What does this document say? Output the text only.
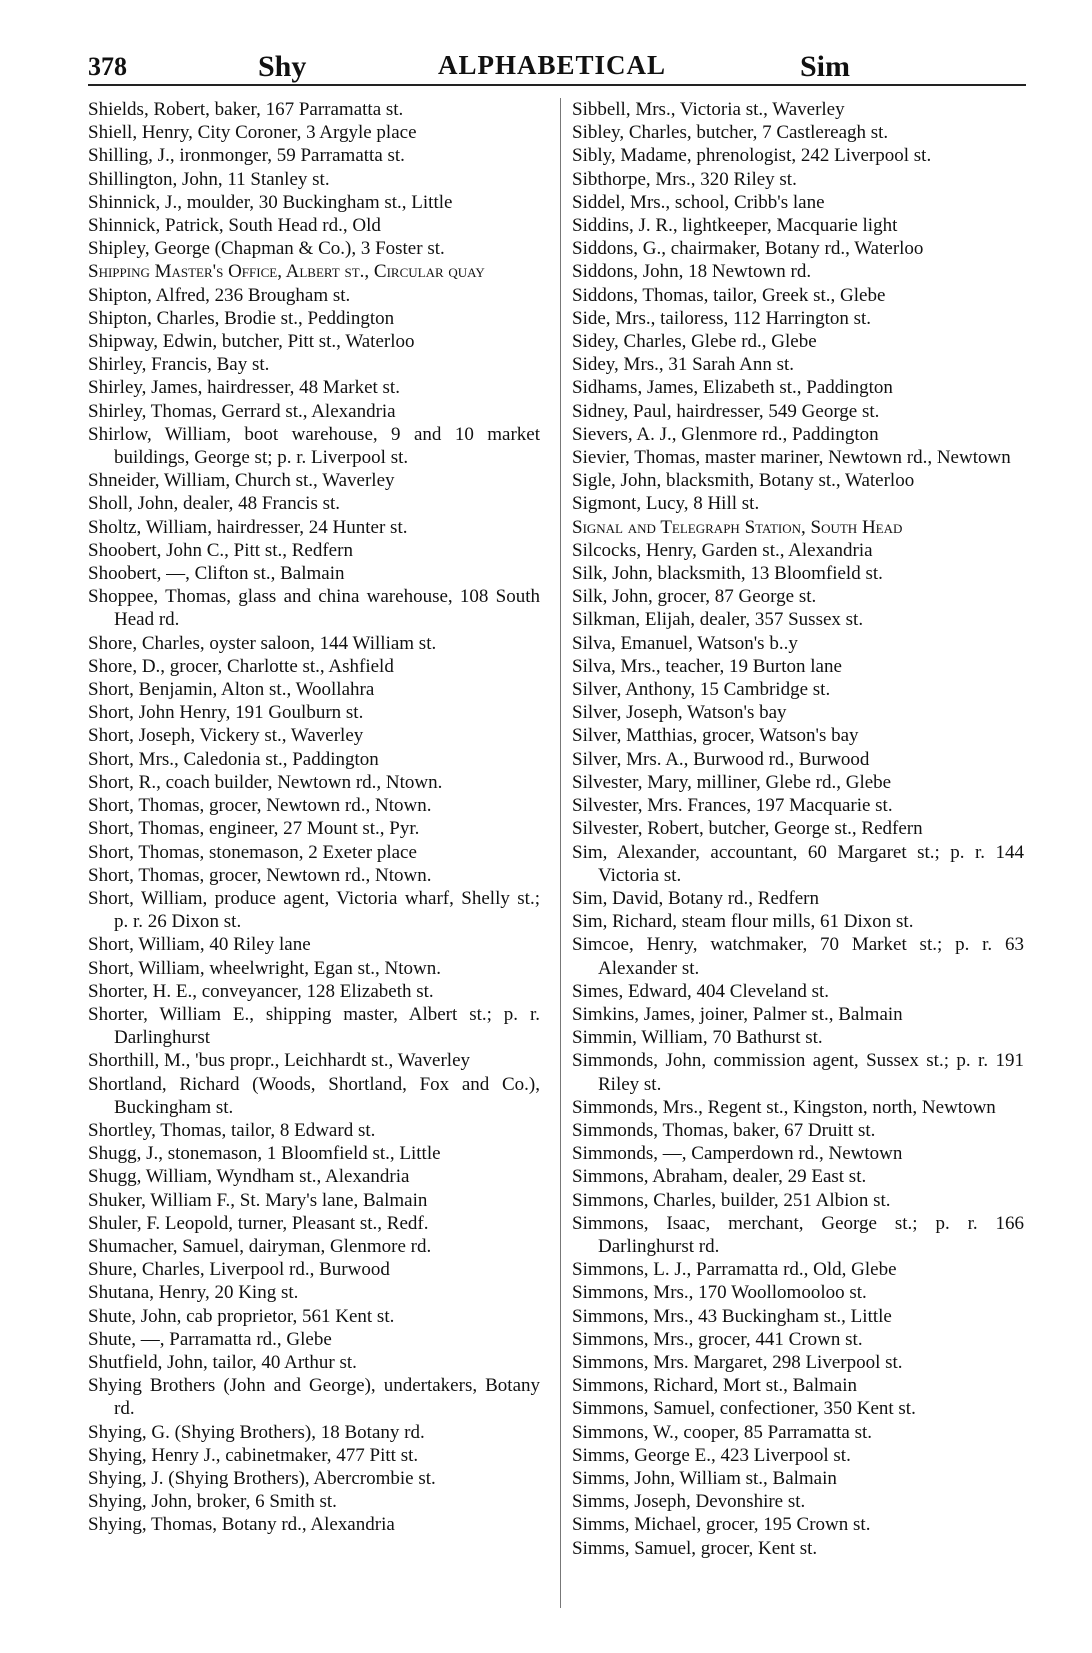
378	Shy	ALPHABETICAL	Sim

Shields, Robert, baker, 167 Parramatta st.

Shiell, Henry, City Coroner, 3 Argyle place

Shilling, J., ironmonger, 59 Parramatta st.

Shillington, John, 11 Stanley st.

Shinnick, J., moulder, 30 Buckingham st., Little

Shinnick, Patrick, South Head rd., Old

Shipley, George (Chapman & Co.), 3 Foster st.

Shipping Master's Office, Albert st., Circular quay

Shipton, Alfred, 236 Brougham st.

Shipton, Charles, Brodie st., Peddington

Shipway, Edwin, butcher, Pitt st., Waterloo

Shirley, Francis, Bay st.

Shirley, James, hairdresser, 48 Market st.

Shirley, Thomas, Gerrard st., Alexandria

Shirlow, William, boot warehouse, 9 and 10 market buildings, George st; p. r. Liverpool st.

Shneider, William, Church st., Waverley

Sholl, John, dealer, 48 Francis st.

Sholtz, William, hairdresser, 24 Hunter st.

Shoobert, John C., Pitt st., Redfern

Shoobert, —, Clifton st., Balmain

Shoppee, Thomas, glass and china warehouse, 108 South Head rd.

Shore, Charles, oyster saloon, 144 William st.

Shore, D., grocer, Charlotte st., Ashfield

Short, Benjamin, Alton st., Woollahra

Short, John Henry, 191 Goulburn st.

Short, Joseph, Vickery st., Waverley

Short, Mrs., Caledonia st., Paddington

Short, R., coach builder, Newtown rd., Ntown.

Short, Thomas, grocer, Newtown rd., Ntown.

Short, Thomas, engineer, 27 Mount st., Pyr.

Short, Thomas, stonemason, 2 Exeter place

Short, Thomas, grocer, Newtown rd., Ntown.

Short, William, produce agent, Victoria wharf, Shelly st.; p. r. 26 Dixon st.

Short, William, 40 Riley lane

Short, William, wheelwright, Egan st., Ntown.

Shorter, H. E., conveyancer, 128 Elizabeth st.

Shorter, William E., shipping master, Albert st.; p. r. Darlinghurst

Shorthill, M., 'bus propr., Leichhardt st., Waverley

Shortland, Richard (Woods, Shortland, Fox and Co.), Buckingham st.

Shortley, Thomas, tailor, 8 Edward st.

Shugg, J., stonemason, 1 Bloomfield st., Little

Shugg, William, Wyndham st., Alexandria

Shuker, William F., St. Mary's lane, Balmain

Shuler, F. Leopold, turner, Pleasant st., Redf.

Shumacher, Samuel, dairyman, Glenmore rd.

Shure, Charles, Liverpool rd., Burwood

Shutana, Henry, 20 King st.

Shute, John, cab proprietor, 561 Kent st.

Shute, —, Parramatta rd., Glebe

Shutfield, John, tailor, 40 Arthur st.

Shying Brothers (John and George), undertakers, Botany rd.

Shying, G. (Shying Brothers), 18 Botany rd.

Shying, Henry J., cabinetmaker, 477 Pitt st.

Shying, J. (Shying Brothers), Abercrombie st.

Shying, John, broker, 6 Smith st.

Shying, Thomas, Botany rd., Alexandria

Sibbell, Mrs., Victoria st., Waverley

Sibley, Charles, butcher, 7 Castlereagh st.

Sibly, Madame, phrenologist, 242 Liverpool st.

Sibthorpe, Mrs., 320 Riley st.

Siddel, Mrs., school, Cribb's lane

Siddins, J. R., lightkeeper, Macquarie light

Siddons, G., chairmaker, Botany rd., Waterloo

Siddons, John, 18 Newtown rd.

Siddons, Thomas, tailor, Greek st., Glebe

Side, Mrs., tailoress, 112 Harrington st.

Sidey, Charles, Glebe rd., Glebe

Sidey, Mrs., 31 Sarah Ann st.

Sidhams, James, Elizabeth st., Paddington

Sidney, Paul, hairdresser, 549 George st.

Sievers, A. J., Glenmore rd., Paddington

Sievier, Thomas, master mariner, Newtown rd., Newtown

Sigle, John, blacksmith, Botany st., Waterloo

Sigmont, Lucy, 8 Hill st.

Signal and Telegraph Station, South Head

Silcocks, Henry, Garden st., Alexandria

Silk, John, blacksmith, 13 Bloomfield st.

Silk, John, grocer, 87 George st.

Silkman, Elijah, dealer, 357 Sussex st.

Silva, Emanuel, Watson's b..y

Silva, Mrs., teacher, 19 Burton lane

Silver, Anthony, 15 Cambridge st.

Silver, Joseph, Watson's bay

Silver, Matthias, grocer, Watson's bay

Silver, Mrs. A., Burwood rd., Burwood

Silvester, Mary, milliner, Glebe rd., Glebe

Silvester, Mrs. Frances, 197 Macquarie st.

Silvester, Robert, butcher, George st., Redfern

Sim, Alexander, accountant, 60 Margaret st.; p. r. 144 Victoria st.

Sim, David, Botany rd., Redfern

Sim, Richard, steam flour mills, 61 Dixon st.

Simcoe, Henry, watchmaker, 70 Market st.; p. r. 63 Alexander st.

Simes, Edward, 404 Cleveland st.

Simkins, James, joiner, Palmer st., Balmain

Simmin, William, 70 Bathurst st.

Simmonds, John, commission agent, Sussex st.; p. r. 191 Riley st.

Simmonds, Mrs., Regent st., Kingston, north, Newtown

Simmonds, Thomas, baker, 67 Druitt st.

Simmonds, —, Camperdown rd., Newtown

Simmons, Abraham, dealer, 29 East st.

Simmons, Charles, builder, 251 Albion st.

Simmons, Isaac, merchant, George st.; p. r. 166 Darlinghurst rd.

Simmons, L. J., Parramatta rd., Old, Glebe

Simmons, Mrs., 170 Woollomooloo st.

Simmons, Mrs., 43 Buckingham st., Little

Simmons, Mrs., grocer, 441 Crown st.

Simmons, Mrs. Margaret, 298 Liverpool st.

Simmons, Richard, Mort st., Balmain

Simmons, Samuel, confectioner, 350 Kent st.

Simmons, W., cooper, 85 Parramatta st.

Simms, George E., 423 Liverpool st.

Simms, John, William st., Balmain

Simms, Joseph, Devonshire st.

Simms, Michael, grocer, 195 Crown st.

Simms, Samuel, grocer, Kent st.
